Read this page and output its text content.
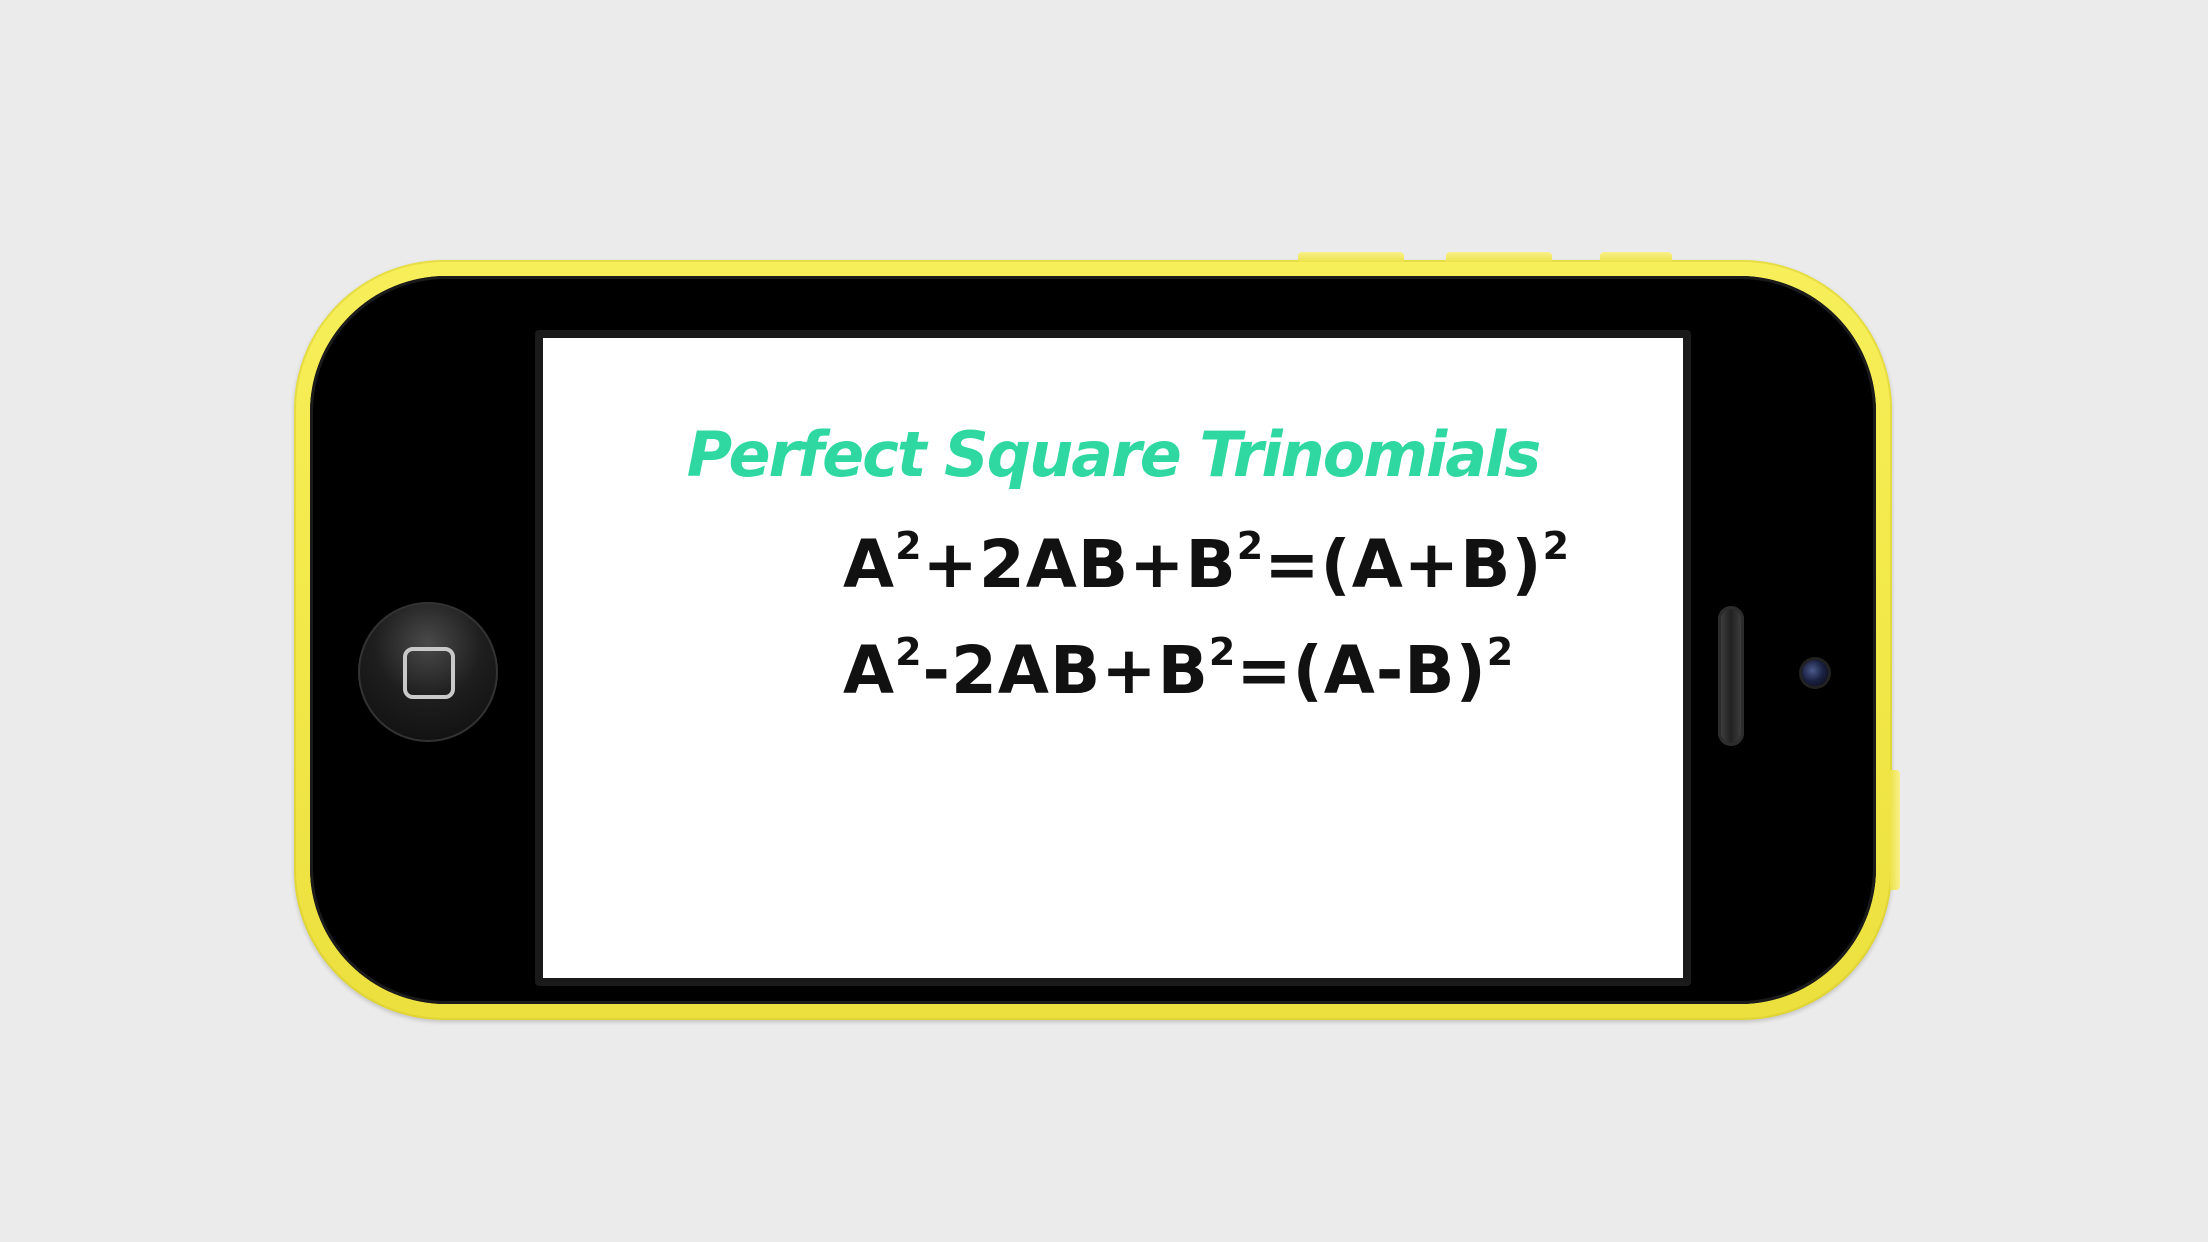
Perfect Square Trinomials
$A^2+2AB+B^2=(A+B)^2$
$A^2-2AB+B^2=(A-B)^2$
